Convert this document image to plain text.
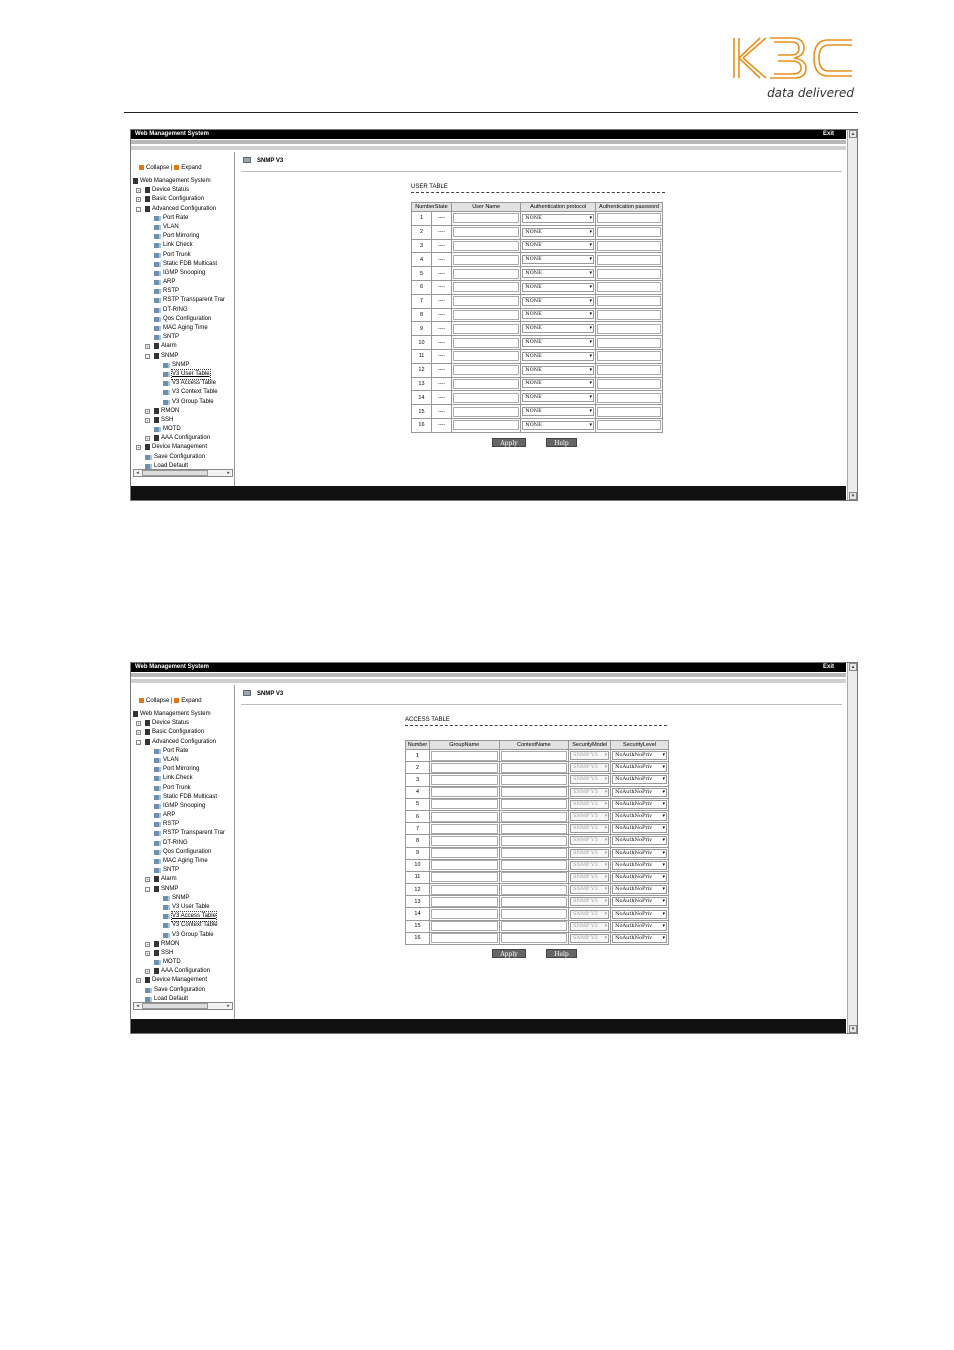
data delivered
Web Management System	Exit
Collapse | Expand
Web Management System
+ Device Status
+ Basic Configuration
-	Advanced Configuration
Port Rate
VLAN
Port Mirroring
Link Check
Port Trunk
Static FDB Multicast
IGMP Snooping
ARP
RSTP
RSTP Transparent Trar
DT-RING
Qos Configuration
MAC Aging Time
SNTP
+ Alarm
-	SNMP
SNMP
V3 User Table
V3 Access Table
V3 Context Table
V3 Group Table
+ RMON
+ SSH
MOTD
+ AAA Configuration
+ Device Management
Save Configuration
Load Default
◂	▸
SNMP V3
USER TABLE
NumberState		User Name	Authentication protocol	Authentication password
1	----		NONE ▾	

2	----		NONE ▾	

3	----		NONE ▾	

4	----		NONE ▾	

5	----		NONE ▾	

6	----		NONE ▾	

7	----		NONE ▾	

8	----		NONE ▾	

9	----		NONE ▾	

10	----		NONE ▾	

11	----		NONE ▾	

12	----		NONE ▾	

13	----		NONE ▾	

14	----		NONE ▾	

15	----		NONE ▾	

16	----		NONE ▾	

Apply	Help
▴
▾
Web Management System	Exit
Collapse | Expand
Web Management System
+ Device Status
+ Basic Configuration
-	Advanced Configuration
Port Rate
VLAN
Port Mirroring
Link Check
Port Trunk
Static FDB Multicast
IGMP Snooping
ARP
RSTP
RSTP Transparent Trar
DT-RING
Qos Configuration
MAC Aging Time
SNTP
+ Alarm
-	SNMP
SNMP
V3 User Table
V3 Access Table
V3 Context Table
V3 Group Table
+ RMON
+ SSH
MOTD
+ AAA Configuration
+ Device Management
Save Configuration
Load Default
◂	▸
SNMP V3
ACCESS TABLE
Number	GroupName	ContextName	SecurityModel	SecurityLevel
1			SNMP V3 ▾	NoAuthNoPriv ▾

2			SNMP V3 ▾	NoAuthNoPriv ▾

3			SNMP V3 ▾	NoAuthNoPriv ▾

4			SNMP V3 ▾	NoAuthNoPriv ▾

5			SNMP V3 ▾	NoAuthNoPriv ▾

6			SNMP V3 ▾	NoAuthNoPriv ▾

7			SNMP V3 ▾	NoAuthNoPriv ▾

8			SNMP V3 ▾	NoAuthNoPriv ▾

9			SNMP V3 ▾	NoAuthNoPriv ▾

10			SNMP V3 ▾	NoAuthNoPriv ▾

11			SNMP V3 ▾	NoAuthNoPriv ▾

12			SNMP V3 ▾	NoAuthNoPriv ▾

13			SNMP V3 ▾	NoAuthNoPriv ▾

14			SNMP V3 ▾	NoAuthNoPriv ▾

15			SNMP V3 ▾	NoAuthNoPriv ▾

16			SNMP V3 ▾	NoAuthNoPriv ▾
Apply	Help
▴
▾
